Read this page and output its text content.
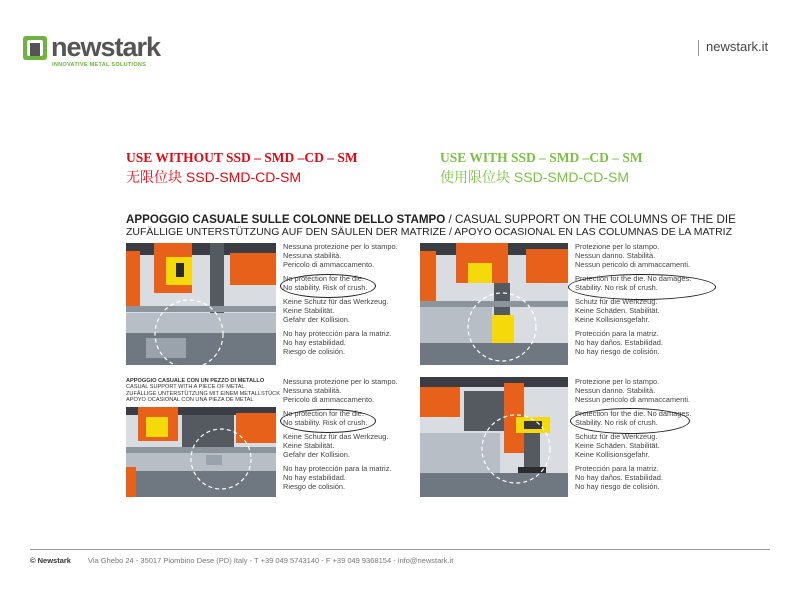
newstark
INNOVATIVE METAL SOLUTIONS
newstark.it
USE WITHOUT SSD – SMD –CD – SM
无限位块 SSD-SMD-CD-SM
USE WITH SSD – SMD –CD – SM
使用限位块 SSD-SMD-CD-SM
APPOGGIO CASUALE SULLE COLONNE DELLO STAMPO / CASUAL SUPPORT ON THE COLUMNS OF THE DIE
ZUFÄLLIGE UNTERSTÜTZUNG AUF DEN SÄULEN DER MATRIZE / APOYO OCASIONAL EN LAS COLUMNAS DE LA MATRIZ

Nessuna protezione per lo stampo.

Nessuna stabilità.

Pericolo di ammaccamento.

No protection for the die.

No stability. Risk of crush.

Keine Schutz für das Werkzeug.

Keine Stabilität.

Gefahr der Kollision.

No hay protección para la matriz.

No hay estabilidad.

Riesgo de colisión.

Protezione per lo stampo.

Nessun danno. Stabilità.

Nessun pericolo di ammaccamenti.

Protection for the die. No damages.

Stability. No risk of crush.

Schutz für die Werkzeug.

Keine Schäden. Stabilität.

Keine Kollisionsgefahr.

Protección para la matriz.

No hay daños. Estabilidad.

No hay riesgo de colisión.

APPOGGIO CASUALE CON UN PEZZO DI METALLO
CASUAL SUPPORT WITH A PIECE OF METAL
ZUFÄLLIGE UNTERSTÜTZUNG MIT EINEM METALLSTÜCK
APOYO OCASIONAL CON UNA PIEZA DE METAL

Nessuna protezione per lo stampo.

Nessuna stabilità.

Pericolo di ammaccamento.

No protection for the die.

No stability. Risk of crush.

Keine Schutz für das Werkzeug.

Keine Stabilität.

Gefahr der Kollision.

No hay protección para la matriz.

No hay estabilidad.

Riesgo de colisión.

Protezione per lo stampo.

Nessun danno. Stabilità.

Nessun pericolo di ammaccamenti.

Protection for the die. No damages.

Stability. No risk of crush.

Schutz für die Werkzeug.

Keine Schäden. Stabilität.

Keine Kollisionsgefahr.

Protección para la matriz.

No hay daños. Estabilidad.

No hay riesgo de colisión.

© Newstark Via Ghebo 24 - 35017 Piombino Dese (PD) Italy - T +39 049 5743140 - F +39 049 9368154 - info@newstark.it
